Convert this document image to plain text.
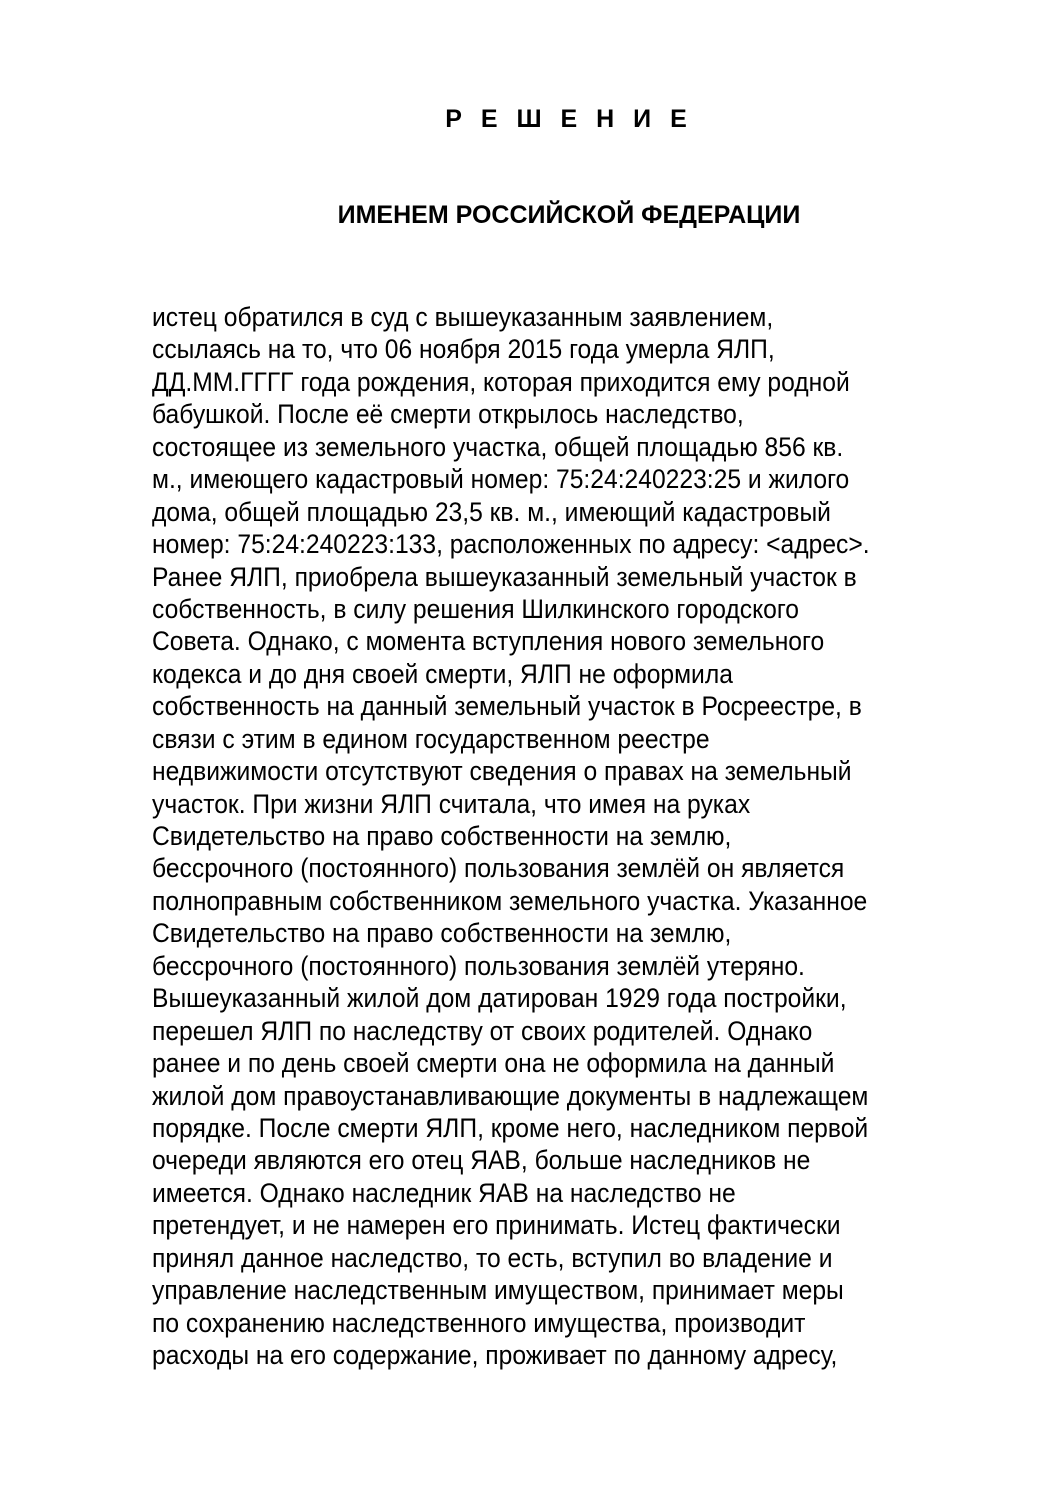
Р Е Ш Е Н И Е
ИМЕНЕМ РОССИЙСКОЙ ФЕДЕРАЦИИ
истец обратился в суд с вышеуказанным заявлением,
ссылаясь на то, что 06 ноября 2015 года умерла ЯЛП,
ДД.ММ.ГГГГ года рождения, которая приходится ему родной
бабушкой. После её смерти открылось наследство,
состоящее из земельного участка, общей площадью 856 кв.
м., имеющего кадастровый номер: 75:24:240223:25 и жилого
дома, общей площадью 23,5 кв. м., имеющий кадастровый
номер: 75:24:240223:133, расположенных по адресу: <адрес>.
Ранее ЯЛП, приобрела вышеуказанный земельный участок в
собственность, в силу решения Шилкинского городского
Совета. Однако, с момента вступления нового земельного
кодекса и до дня своей смерти, ЯЛП не оформила
собственность на данный земельный участок в Росреестре, в
связи с этим в едином государственном реестре
недвижимости отсутствуют сведения о правах на земельный
участок. При жизни ЯЛП считала, что имея на руках
Свидетельство на право собственности на землю,
бессрочного (постоянного) пользования землёй он является
полноправным собственником земельного участка. Указанное
Свидетельство на право собственности на землю,
бессрочного (постоянного) пользования землёй утеряно.
Вышеуказанный жилой дом датирован 1929 года постройки,
перешел ЯЛП по наследству от своих родителей. Однако
ранее и по день своей смерти она не оформила на данный
жилой дом правоустанавливающие документы в надлежащем
порядке. После смерти ЯЛП, кроме него, наследником первой
очереди являются его отец ЯАВ, больше наследников не
имеется. Однако наследник ЯАВ на наследство не
претендует, и не намерен его принимать. Истец фактически
принял данное наследство, то есть, вступил во владение и
управление наследственным имуществом, принимает меры
по сохранению наследственного имущества, производит
расходы на его содержание, проживает по данному адресу,
